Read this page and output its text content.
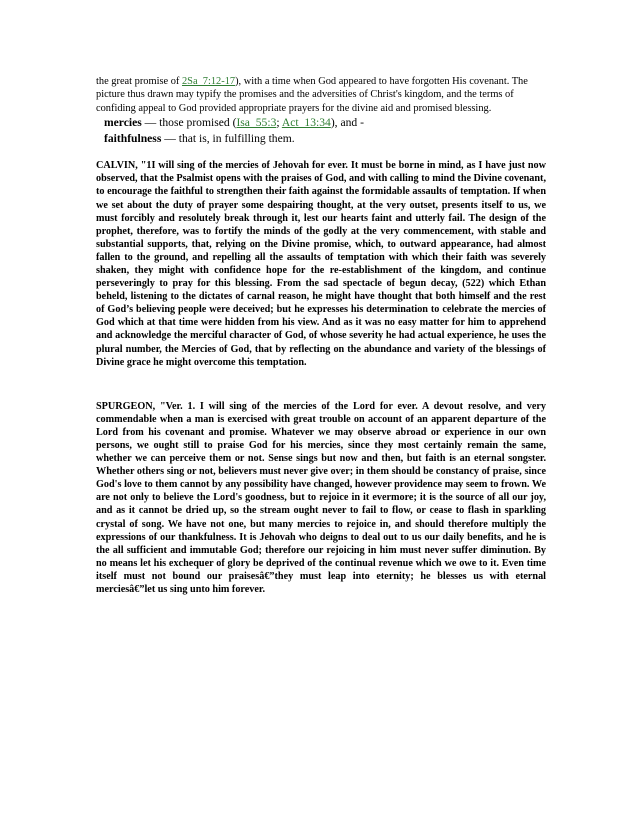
the great promise of 2Sa_7:12-17), with a time when God appeared to have forgotten His covenant. The picture thus drawn may typify the promises and the adversities of Christ's kingdom, and the terms of confiding appeal to God provided appropriate prayers for the divine aid and promised blessing.
mercies — those promised (Isa_55:3; Act_13:34), and -
faithfulness — that is, in fulfilling them.
CALVIN, "1I will sing of the mercies of Jehovah for ever. It must be borne in mind, as I have just now observed, that the Psalmist opens with the praises of God, and with calling to mind the Divine covenant, to encourage the faithful to strengthen their faith against the formidable assaults of temptation. If when we set about the duty of prayer some despairing thought, at the very outset, presents itself to us, we must forcibly and resolutely break through it, lest our hearts faint and utterly fail. The design of the prophet, therefore, was to fortify the minds of the godly at the very commencement, with stable and substantial supports, that, relying on the Divine promise, which, to outward appearance, had almost fallen to the ground, and repelling all the assaults of temptation with which their faith was severely shaken, they might with confidence hope for the re-establishment of the kingdom, and continue perseveringly to pray for this blessing. From the sad spectacle of begun decay, (522) which Ethan beheld, listening to the dictates of carnal reason, he might have thought that both himself and the rest of God’s believing people were deceived; but he expresses his determination to celebrate the mercies of God which at that time were hidden from his view. And as it was no easy matter for him to apprehend and acknowledge the merciful character of God, of whose severity he had actual experience, he uses the plural number, the Mercies of God, that by reflecting on the abundance and variety of the blessings of Divine grace he might overcome this temptation.
SPURGEON, "Ver. 1. I will sing of the mercies of the Lord for ever. A devout resolve, and very commendable when a man is exercised with great trouble on account of an apparent departure of the Lord from his covenant and promise. Whatever we may observe abroad or experience in our own persons, we ought still to praise God for his mercies, since they most certainly remain the same, whether we can perceive them or not. Sense sings but now and then, but faith is an eternal songster. Whether others sing or not, believers must never give over; in them should be constancy of praise, since God's love to them cannot by any possibility have changed, however providence may seem to frown. We are not only to believe the Lord's goodness, but to rejoice in it evermore; it is the source of all our joy, and as it cannot be dried up, so the stream ought never to fail to flow, or cease to flash in sparkling crystal of song. We have not one, but many mercies to rejoice in, and should therefore multiply the expressions of our thankfulness. It is Jehovah who deigns to deal out to us our daily benefits, and he is the all sufficient and immutable God; therefore our rejoicing in him must never suffer diminution. By no means let his exchequer of glory be deprived of the continual revenue which we owe to it. Even time itself must not bound our praisesâ€”they must leap into eternity; he blesses us with eternal merciesâ€”let us sing unto him forever.
